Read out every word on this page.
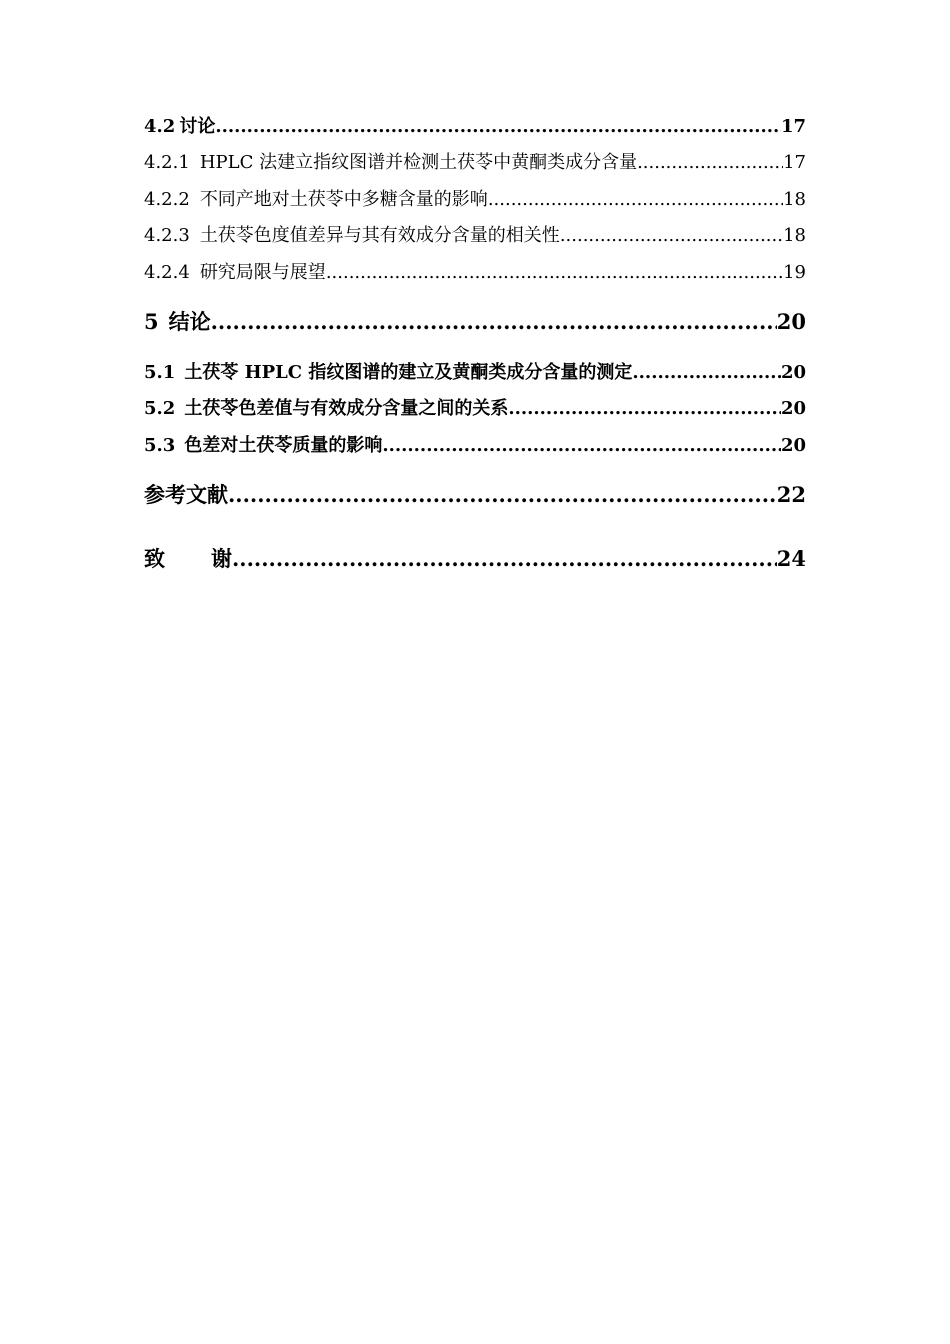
4.2 讨论 .....	17
4.2.1 HPLC 法建立指纹图谱并检测土茯苓中黄酮类成分含量 .....	17
4.2.2 不同产地对土茯苓中多糖含量的影响 .....	18
4.2.3 土茯苓色度值差异与其有效成分含量的相关性 .....	18
4.2.4 研究局限与展望 .....	19
5 结论 .....	20
5.1 土茯苓 HPLC 指纹图谱的建立及黄酮类成分含量的测定 .....	20
5.2 土茯苓色差值与有效成分含量之间的关系 .....	20
5.3 色差对土茯苓质量的影响 .....	20
参考文献 .....	22
致 谢 .....	24
